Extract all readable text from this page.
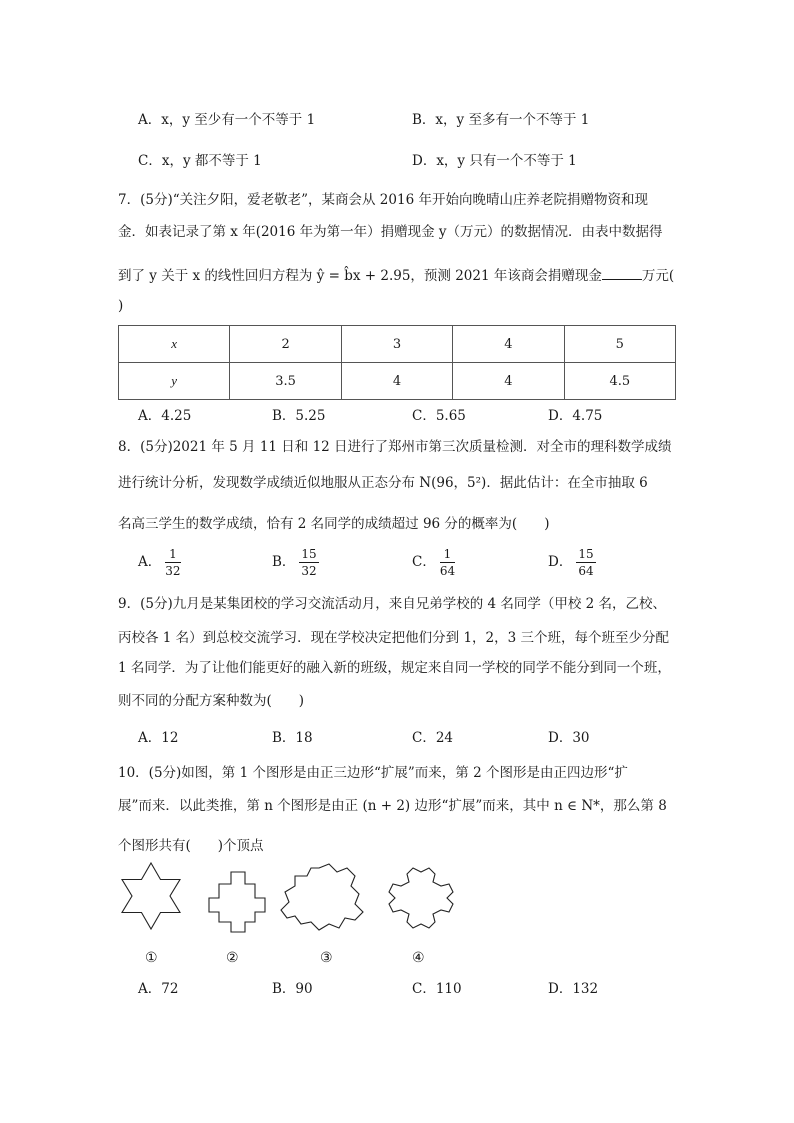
A．x，y 至少有一个不等于 1	B．x，y 至多有一个不等于 1
C．x，y 都不等于 1	D．x，y 只有一个不等于 1
7．(5分)“关注夕阳，爱老敬老”，某商会从 2016 年开始向晚晴山庄养老院捐赠物资和现
金．如表记录了第 x 年(2016 年为第一年）捐赠现金 y（万元）的数据情况．由表中数据得
到了 y 关于 x 的线性回归方程为 ŷ = b̂x + 2.95，预测 2021 年该商会捐赠现金	万元(
)
x	2	3	4	5
y	3.5	4	4	4.5
A．4.25	B．5.25	C．5.65	D．4.75
8．(5分)2021 年 5 月 11 日和 12 日进行了郑州市第三次质量检测．对全市的理科数学成绩
进行统计分析，发现数学成绩近似地服从正态分布 N(96，5²)．据此估计：在全市抽取 6
名高三学生的数学成绩，恰有 2 名同学的成绩超过 96 分的概率为(　　)
A． $\frac{1}{32}$	B． $\frac{15}{32}$	C． $\frac{1}{64}$	D． $\frac{15}{64}$
9．(5分)九月是某集团校的学习交流活动月，来自兄弟学校的 4 名同学（甲校 2 名，乙校、
丙校各 1 名）到总校交流学习．现在学校决定把他们分到 1，2，3 三个班，每个班至少分配
1 名同学．为了让他们能更好的融入新的班级，规定来自同一学校的同学不能分到同一个班，
则不同的分配方案种数为(　　)
A．12	B．18	C．24	D．30
10．(5分)如图，第 1 个图形是由正三边形“扩展”而来，第 2 个图形是由正四边形“扩
展”而来．以此类推，第 n 个图形是由正 (n + 2) 边形“扩展”而来，其中 n ∈ N*，那么第 8
个图形共有(　　)个顶点
①	②	③	④
A．72	B．90	C．110	D．132
